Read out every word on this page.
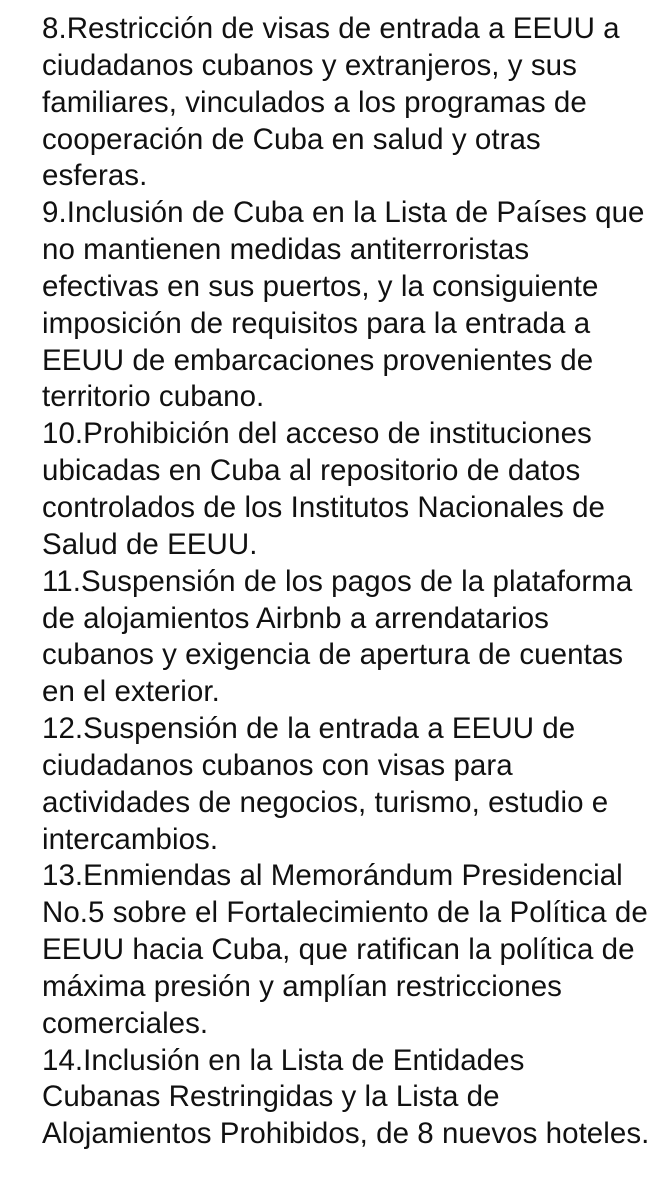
8.Restricción de visas de entrada a EEUU a
ciudadanos cubanos y extranjeros, y sus
familiares, vinculados a los programas de
cooperación de Cuba en salud y otras
esferas.
9.Inclusión de Cuba en la Lista de Países que
no mantienen medidas antiterroristas
efectivas en sus puertos, y la consiguiente
imposición de requisitos para la entrada a
EEUU de embarcaciones provenientes de
territorio cubano.
10.Prohibición del acceso de instituciones
ubicadas en Cuba al repositorio de datos
controlados de los Institutos Nacionales de
Salud de EEUU.
11.Suspensión de los pagos de la plataforma
de alojamientos Airbnb a arrendatarios
cubanos y exigencia de apertura de cuentas
en el exterior.
12.Suspensión de la entrada a EEUU de
ciudadanos cubanos con visas para
actividades de negocios, turismo, estudio e
intercambios.
13.Enmiendas al Memorándum Presidencial
No.5 sobre el Fortalecimiento de la Política de
EEUU hacia Cuba, que ratifican la política de
máxima presión y amplían restricciones
comerciales.
14.Inclusión en la Lista de Entidades
Cubanas Restringidas y la Lista de
Alojamientos Prohibidos, de 8 nuevos hoteles.
